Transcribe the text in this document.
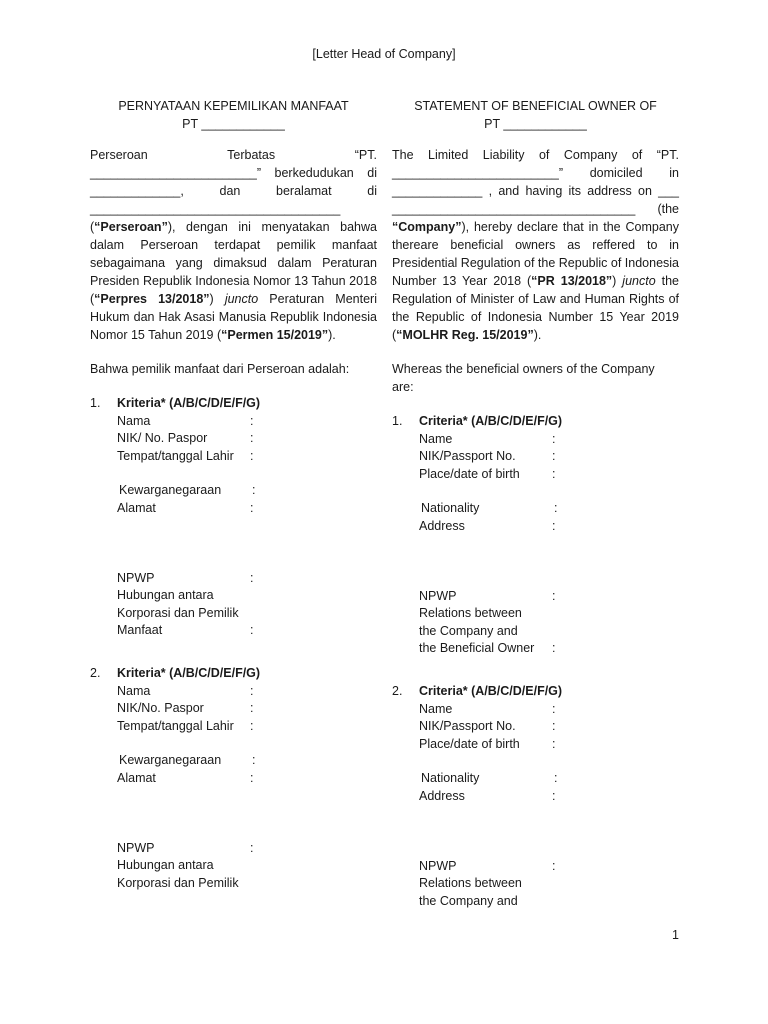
[Letter Head of Company]
PERNYATAAN KEPEMILIKAN MANFAAT
PT ____________
Perseroan Terbatas “PT. ________________________” berkedudukan di _____________, dan beralamat di ____________________________________ (“Perseroan”), dengan ini menyatakan bahwa dalam Perseroan terdapat pemilik manfaat sebagaimana yang dimaksud dalam Peraturan Presiden Republik Indonesia Nomor 13 Tahun 2018 (“Perpres 13/2018”) juncto Peraturan Menteri Hukum dan Hak Asasi Manusia Republik Indonesia Nomor 15 Tahun 2019 (“Permen 15/2019”).
Bahwa pemilik manfaat dari Perseroan adalah:
1. Kriteria* (A/B/C/D/E/F/G)
Nama	:
NIK/ No. Paspor	:
Tempat/tanggal Lahir	:
Kewarganegaraan	:
Alamat	:
NPWP	:
Hubungan antara
Korporasi dan Pemilik
Manfaat	:
2. Kriteria* (A/B/C/D/E/F/G)
Nama	:
NIK/No. Paspor	:
Tempat/tanggal Lahir	:
Kewarganegaraan	:
Alamat	:
NPWP	:
Hubungan antara
Korporasi dan Pemilik
STATEMENT OF BENEFICIAL OWNER OF
PT ____________
The Limited Liability of Company of “PT. ________________________” domiciled in _____________ , and having its address on ___ ___________________________________ (the “Company”), hereby declare that in the Company thereare beneficial owners as reffered to in Presidential Regulation of the Republic of Indonesia Number 13 Year 2018 (“PR 13/2018”) juncto the Regulation of Minister of Law and Human Rights of the Republic of Indonesia Number 15 Year 2019 (“MOLHR Reg. 15/2019”).
Whereas the beneficial owners of the Company are:
1. Criteria* (A/B/C/D/E/F/G)
Name	:
NIK/Passport No.	:
Place/date of birth	:
Nationality	:
Address	:
NPWP	:
Relations between
the Company and
the Beneficial Owner	:
2. Criteria* (A/B/C/D/E/F/G)
Name	:
NIK/Passport No.	:
Place/date of birth	:
Nationality	:
Address	:
NPWP	:
Relations between
the Company and
1
